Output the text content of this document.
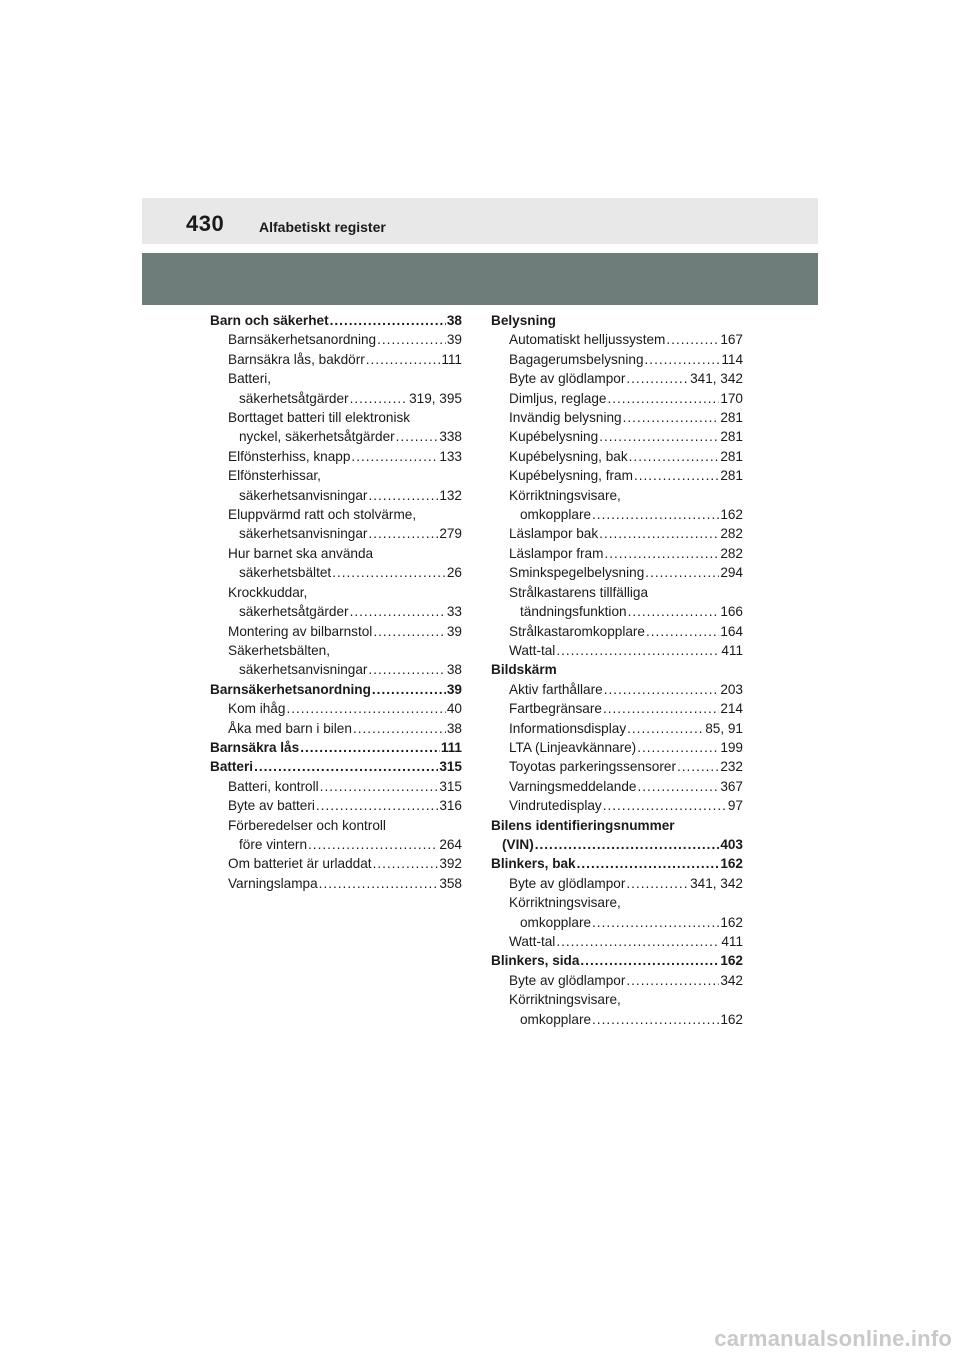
430 Alfabetiskt register
Barn och säkerhet .....	38
Barnsäkerhetsanordning .....	39
Barnsäkra lås, bakdörr .....	111
Batteri,
säkerhetsåtgärder .....	319, 395
Borttaget batteri till elektronisk
nyckel, säkerhetsåtgärder .....	338
Elfönsterhiss, knapp .....	133
Elfönsterhissar,
säkerhetsanvisningar .....	132
Eluppvärmd ratt och stolvärme,
säkerhetsanvisningar .....	279
Hur barnet ska använda
säkerhetsbältet .....	26
Krockkuddar,
säkerhetsåtgärder .....	33
Montering av bilbarnstol .....	39
Säkerhetsbälten,
säkerhetsanvisningar .....	38
Barnsäkerhetsanordning .....	39
Kom ihåg .....	40
Åka med barn i bilen .....	38
Barnsäkra lås .....	111
Batteri .....	315
Batteri, kontroll .....	315
Byte av batteri .....	316
Förberedelser och kontroll
före vintern .....	264
Om batteriet är urladdat .....	392
Varningslampa .....	358
Belysning
Automatiskt helljussystem .....	167
Bagagerumsbelysning .....	114
Byte av glödlampor .....	341, 342
Dimljus, reglage .....	170
Invändig belysning .....	281
Kupébelysning .....	281
Kupébelysning, bak .....	281
Kupébelysning, fram .....	281
Körriktningsvisare,
omkopplare .....	162
Läslampor bak .....	282
Läslampor fram .....	282
Sminkspegelbelysning .....	294
Strålkastarens tillfälliga
tändningsfunktion .....	166
Strålkastaromkopplare .....	164
Watt-tal .....	411
Bildskärm
Aktiv farthållare .....	203
Fartbegränsare .....	214
Informationsdisplay .....	85, 91
LTA (Linjeavkännare) .....	199
Toyotas parkeringssensorer .....	232
Varningsmeddelande .....	367
Vindrutedisplay .....	97
Bilens identifieringsnummer
(VIN) .....	403
Blinkers, bak .....	162
Byte av glödlampor .....	341, 342
Körriktningsvisare,
omkopplare .....	162
Watt-tal .....	411
Blinkers, sida .....	162
Byte av glödlampor .....	342
Körriktningsvisare,
omkopplare .....	162
carmanualsonline.info
